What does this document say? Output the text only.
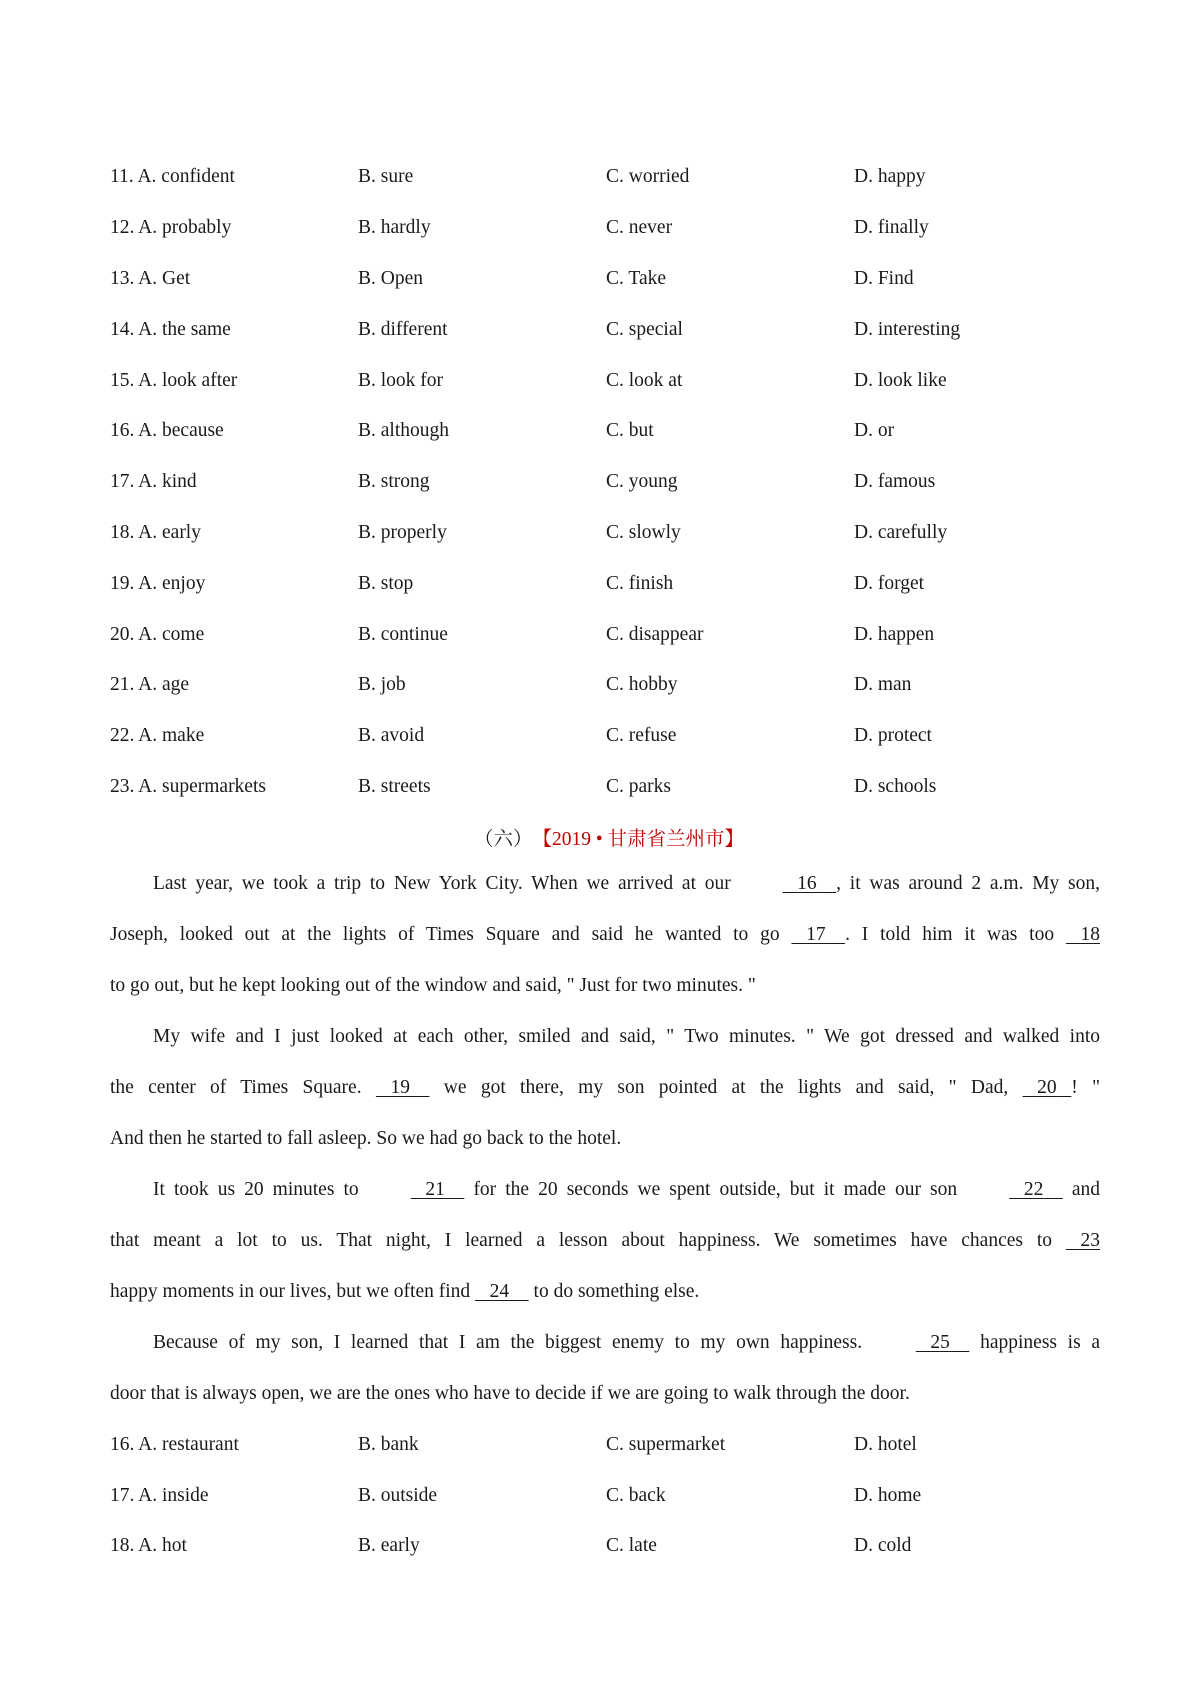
11. A. confident	B. sure	C. worried	D. happy
12. A. probably	B. hardly	C. never	D. finally
13. A. Get	B. Open	C. Take	D. Find
14. A. the same	B. different	C. special	D. interesting
15. A. look after	B. look for	C. look at	D. look like
16. A. because	B. although	C. but	D. or
17. A. kind	B. strong	C. young	D. famous
18. A. early	B. properly	C. slowly	D. carefully
19. A. enjoy	B. stop	C. finish	D. forget
20. A. come	B. continue	C. disappear	D. happen
21. A. age	B. job	C. hobby	D. man
22. A. make	B. avoid	C. refuse	D. protect
23. A. supermarkets	B. streets	C. parks	D. schools
（六） 【2019 • 甘肃省兰州市】

Last year, we took a trip to New York City. When we arrived at our	16 , it was around 2 a.m. My son,

Joseph, looked out at the lights of Times Square and said he wanted to go 17 . I told him it was too 18

to go out, but he kept looking out of the window and said, " Just for two minutes. "

My wife and I just looked at each other, smiled and said, " Two minutes. " We got dressed and walked into

the center of Times Square. 19 we got there, my son pointed at the lights and said, " Dad, 20 ! "

And then he started to fall asleep. So we had go back to the hotel.

It took us 20 minutes to	21 for the 20 seconds we spent outside, but it made our son	22 and

that meant a lot to us. That night, I learned a lesson about happiness. We sometimes have chances to 23

happy moments in our lives, but we often find 24 to do something else.

Because of my son, I learned that I am the biggest enemy to my own happiness.	25 happiness is a

door that is always open, we are the ones who have to decide if we are going to walk through the door.

16. A. restaurant	B. bank	C. supermarket	D. hotel
17. A. inside	B. outside	C. back	D. home
18. A. hot	B. early	C. late	D. cold
